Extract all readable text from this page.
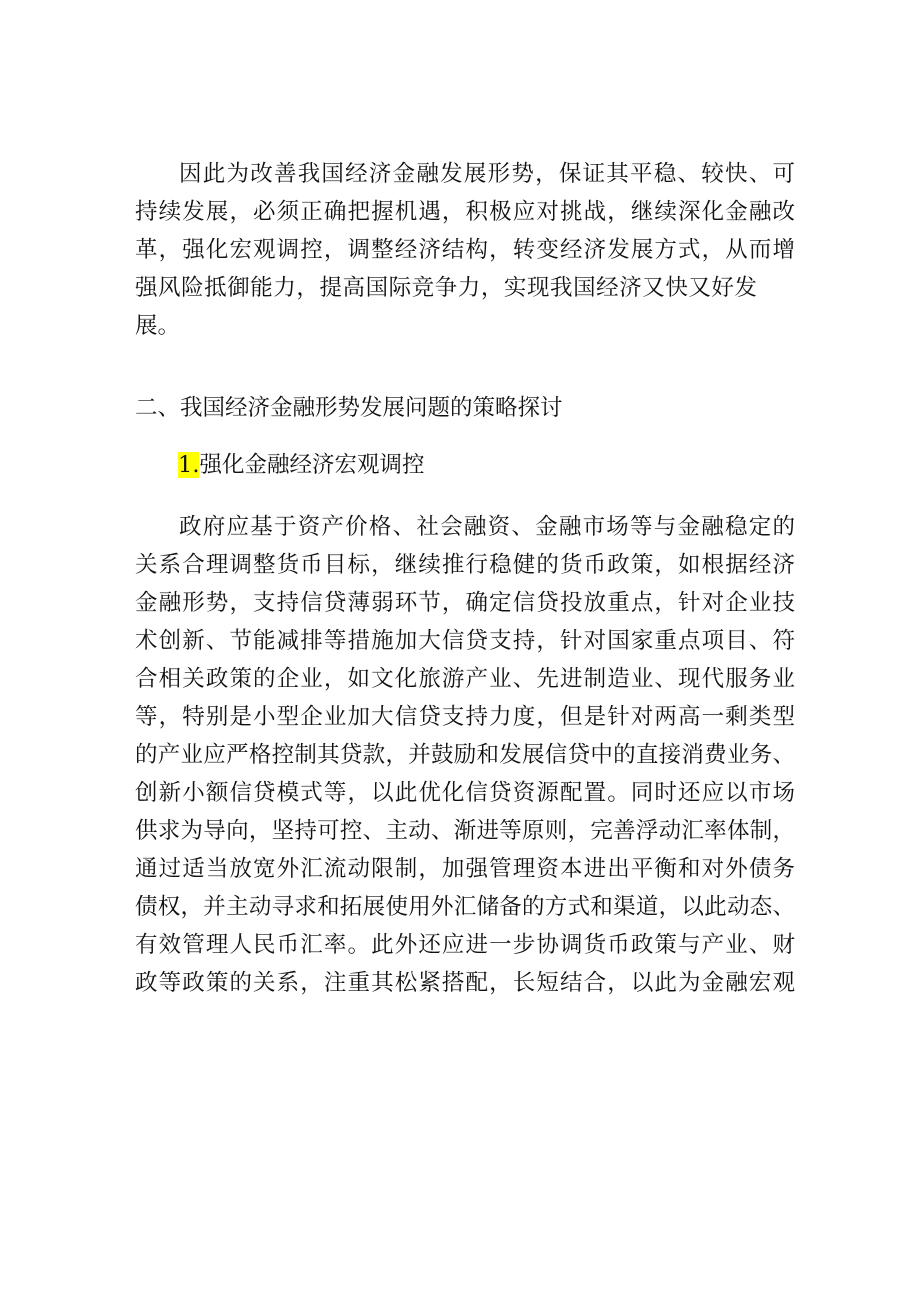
因此为改善我国经济金融发展形势，保证其平稳、较快、可
持续发展，必须正确把握机遇，积极应对挑战，继续深化金融改
革，强化宏观调控，调整经济结构，转变经济发展方式，从而增
强风险抵御能力，提高国际竞争力，实现我国经济又快又好发
展。
二、我国经济金融形势发展问题的策略探讨
1.强化金融经济宏观调控
政府应基于资产价格、社会融资、金融市场等与金融稳定的
关系合理调整货币目标，继续推行稳健的货币政策，如根据经济
金融形势，支持信贷薄弱环节，确定信贷投放重点，针对企业技
术创新、节能减排等措施加大信贷支持，针对国家重点项目、符
合相关政策的企业，如文化旅游产业、先进制造业、现代服务业
等，特别是小型企业加大信贷支持力度，但是针对两高一剩类型
的产业应严格控制其贷款，并鼓励和发展信贷中的直接消费业务、
创新小额信贷模式等，以此优化信贷资源配置。同时还应以市场
供求为导向，坚持可控、主动、渐进等原则，完善浮动汇率体制，
通过适当放宽外汇流动限制，加强管理资本进出平衡和对外债务
债权，并主动寻求和拓展使用外汇储备的方式和渠道，以此动态、
有效管理人民币汇率。此外还应进一步协调货币政策与产业、财
政等政策的关系，注重其松紧搭配，长短结合，以此为金融宏观
